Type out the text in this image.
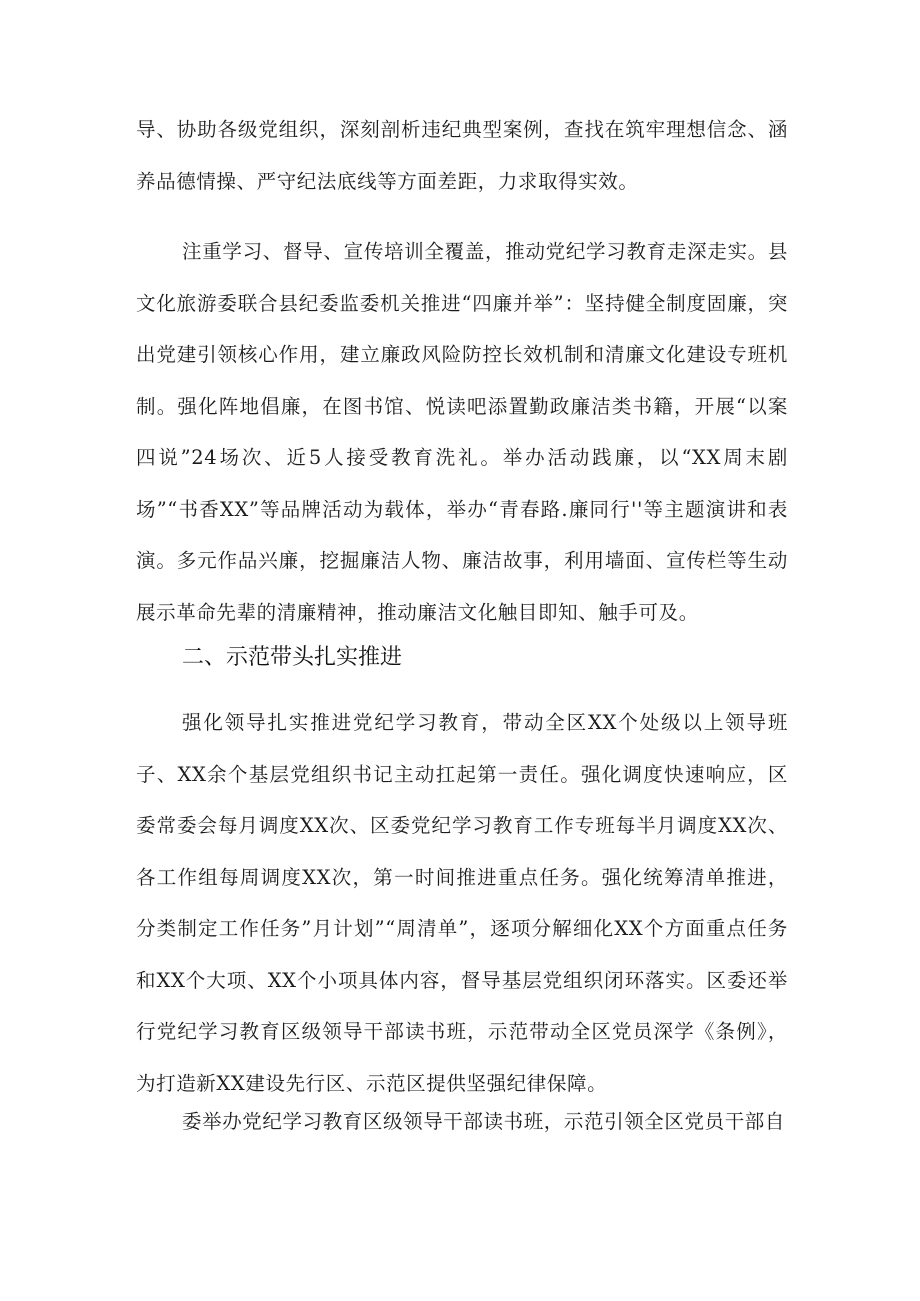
导、协助各级党组织，深刻剖析违纪典型案例，查找在筑牢理想信念、涵养品德情操、严守纪法底线等方面差距，力求取得实效。

注重学习、督导、宣传培训全覆盖，推动党纪学习教育走深走实。县文化旅游委联合县纪委监委机关推进“四廉并举”：坚持健全制度固廉，突出党建引领核心作用，建立廉政风险防控长效机制和清廉文化建设专班机制。强化阵地倡廉，在图书馆、悦读吧添置勤政廉洁类书籍，开展“以案四说”24场次、近5人接受教育洗礼。举办活动践廉，以“XX周末剧场”“书香XX”等品牌活动为载体，举办“青春路.廉同行''等主题演讲和表演。多元作品兴廉，挖掘廉洁人物、廉洁故事，利用墙面、宣传栏等生动展示革命先辈的清廉精神，推动廉洁文化触目即知、触手可及。

二、示范带头扎实推进

强化领导扎实推进党纪学习教育，带动全区XX个处级以上领导班子、XX余个基层党组织书记主动扛起第一责任。强化调度快速响应，区委常委会每月调度XX次、区委党纪学习教育工作专班每半月调度XX次、各工作组每周调度XX次，第一时间推进重点任务。强化统筹清单推进，分类制定工作任务”月计划”“周清单”，逐项分解细化XX个方面重点任务和XX个大项、XX个小项具体内容，督导基层党组织闭环落实。区委还举行党纪学习教育区级领导干部读书班，示范带动全区党员深学《条例》，为打造新XX建设先行区、示范区提供坚强纪律保障。

委举办党纪学习教育区级领导干部读书班，示范引领全区党员干部自
